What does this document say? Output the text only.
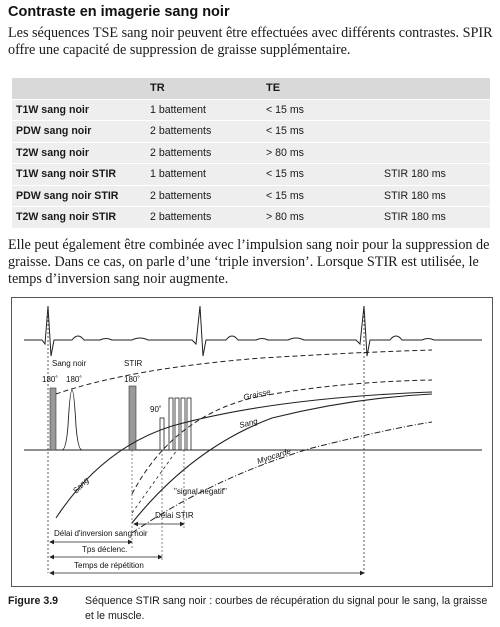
Contraste en imagerie sang noir
Les séquences TSE sang noir peuvent être effectuées avec différents contrastes. SPIR offre une capacité de suppression de graisse supplémentaire.
	TR	TE	
T1W sang noir	1 battement	< 15 ms	
PDW sang noir	2 battements	< 15 ms	
T2W sang noir	2 battements	> 80 ms	
T1W sang noir STIR	1 battement	< 15 ms	STIR 180 ms
PDW sang noir STIR	2 battements	< 15 ms	STIR 180 ms
T2W sang noir STIR	2 battements	> 80 ms	STIR 180 ms
Elle peut également être combinée avec l’impulsion sang noir pour la suppression de graisse. Dans ce cas, on parle d’une ‘triple inversion’. Lorsque STIR est utilisée, le temps d’inversion sang noir augmente.
Sang noir	STIR
180˚ 180˚	180˚
90˚
Graisse
Sang
Myocarde
Sang	"signal négatif"
Délai STIR
Délai d'inversion sang noir
Tps déclenc.
Temps de répétition
Figure 3.9	Séquence STIR sang noir : courbes de récupération du signal pour le sang, la graisse et le muscle.
